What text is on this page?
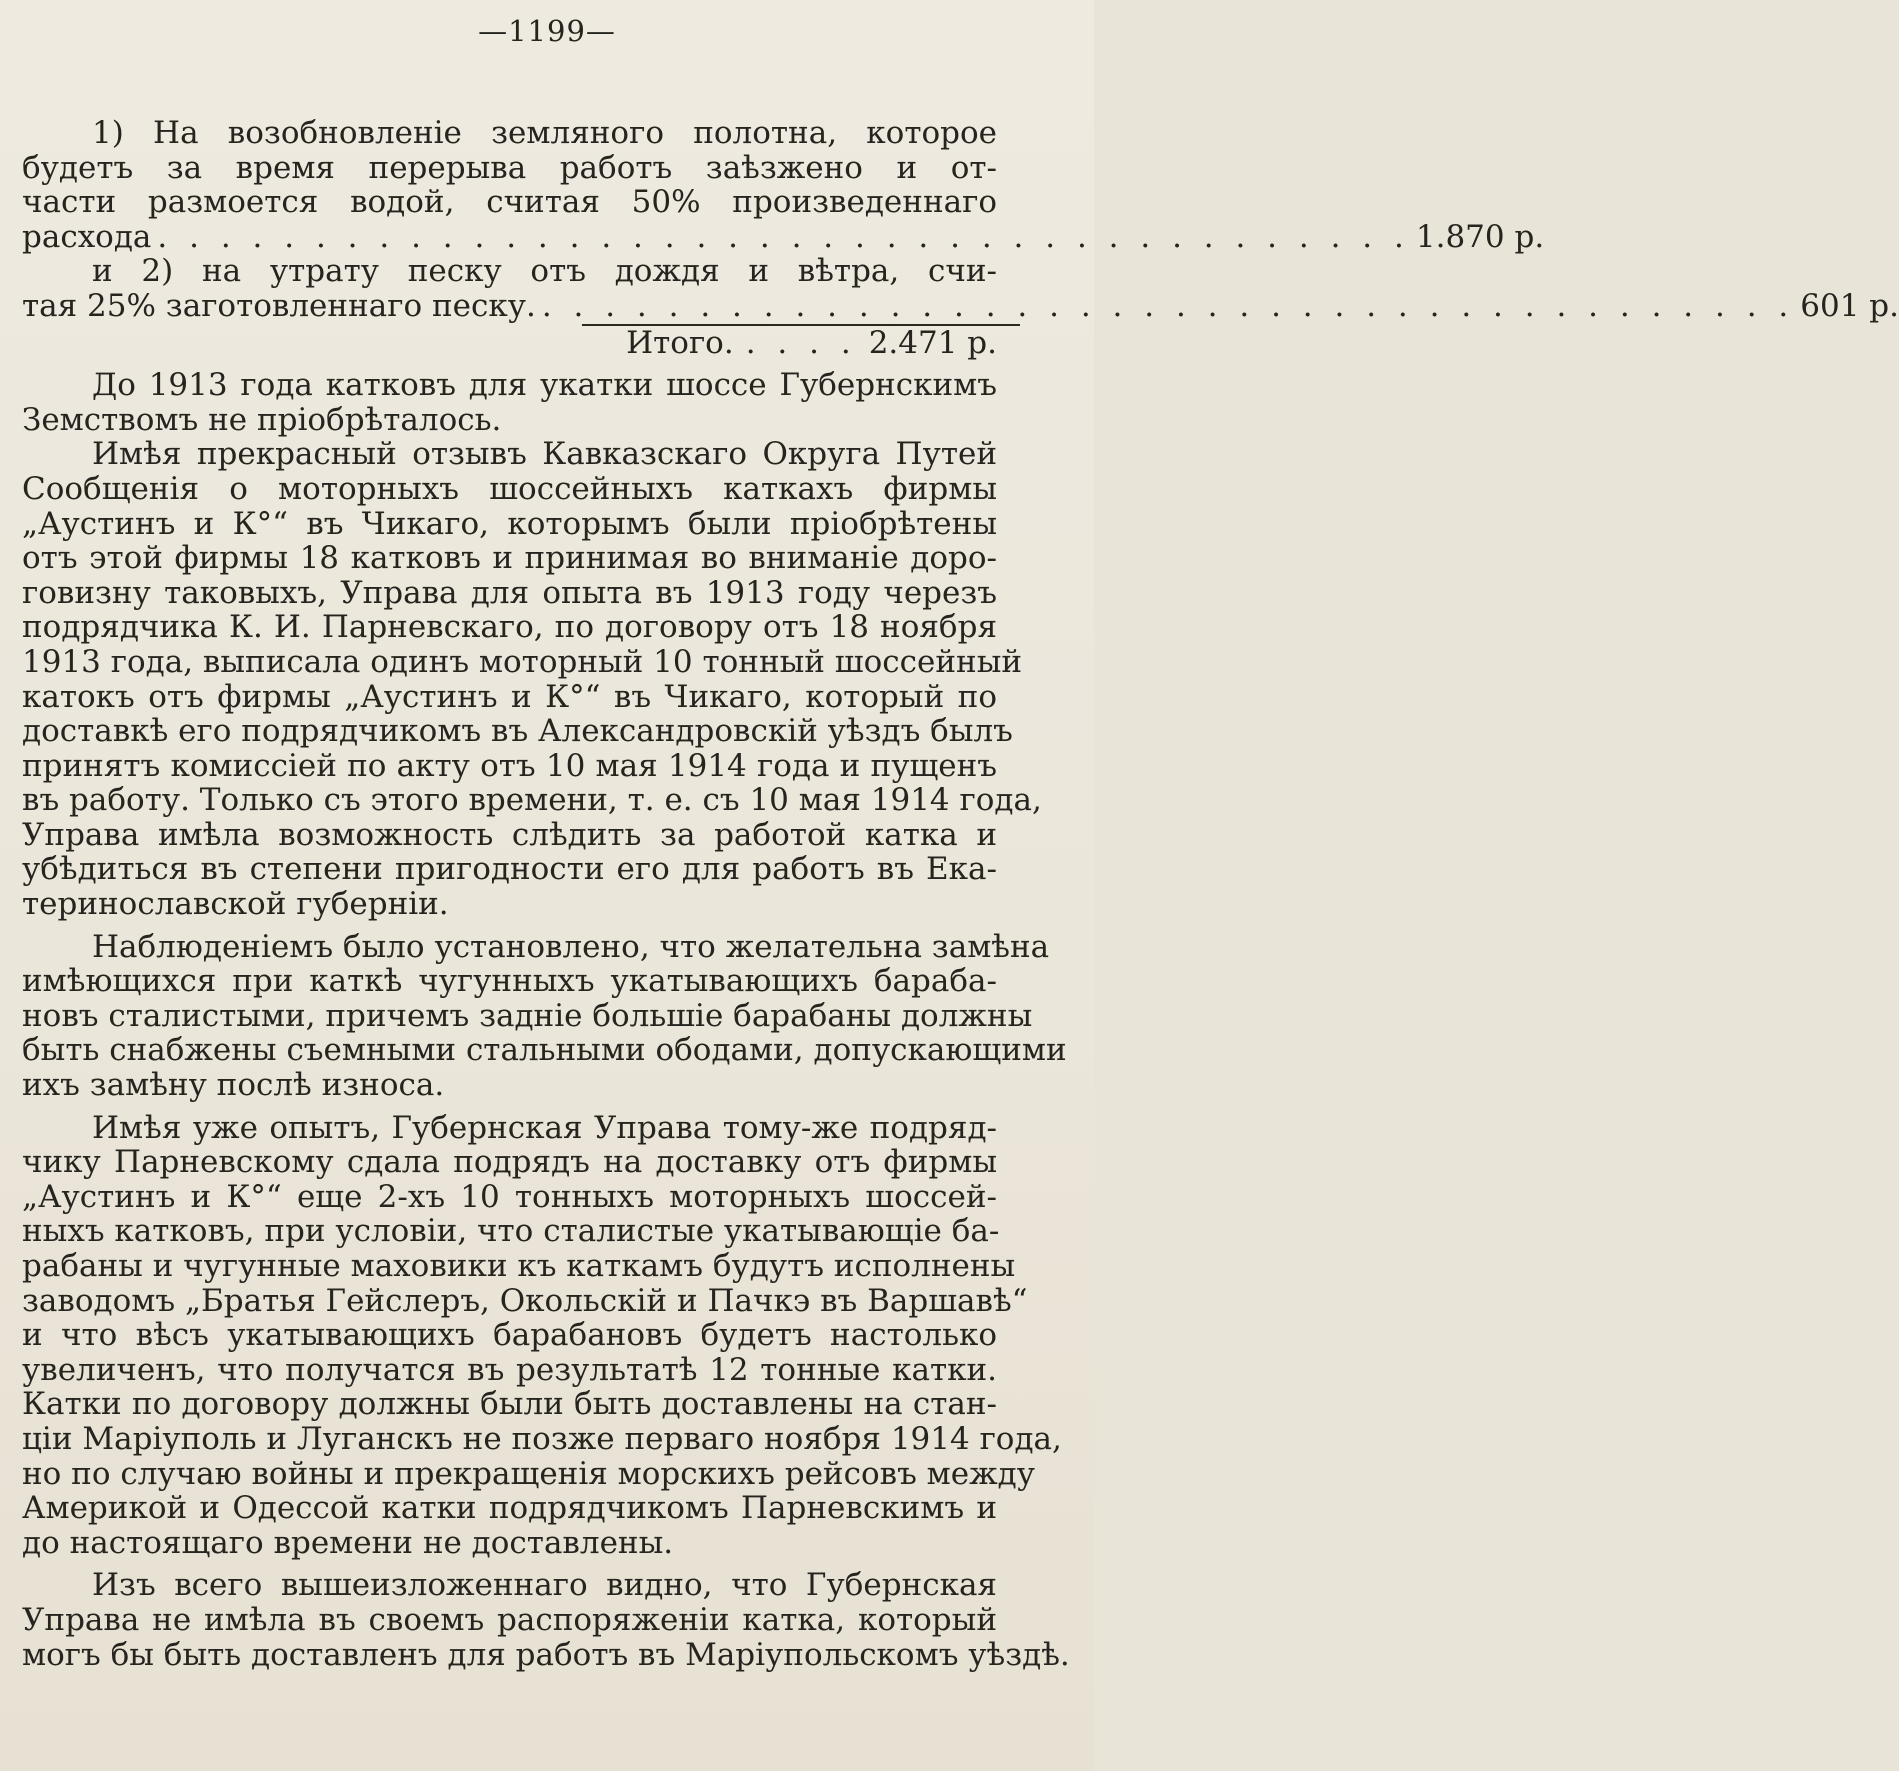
—1199—
1) На возобновленіе земляного полотна, которое
будетъ за время перерыва работъ заѣзжено и от-
части размоется водой, считая 50% произведеннаго
расхода . . . . . . . . . . . . . . . . . . . . . . . . . . . . . . . . . . . . . . . . 1.870 р.
и 2) на утрату песку отъ дождя и вѣтра, счи-
тая 25% заготовленнаго песку. . . . . . . . . . . . . . . . . . . . . . . . . . . . . . . . . . . . . . . . . 601 р.
Итого. . . . . 2.471 р.
До 1913 года катковъ для укатки шоссе Губернскимъ
Земствомъ не пріобрѣталось.
Имѣя прекрасный отзывъ Кавказскаго Округа Путей
Сообщенія о моторныхъ шоссейныхъ каткахъ фирмы
„Аустинъ и К°“ въ Чикаго, которымъ были пріобрѣтены
отъ этой фирмы 18 катковъ и принимая во вниманіе доро-
говизну таковыхъ, Управа для опыта въ 1913 году черезъ
подрядчика К. И. Парневскаго, по договору отъ 18 ноября
1913 года, выписала одинъ моторный 10 тонный шоссейный
катокъ отъ фирмы „Аустинъ и К°“ въ Чикаго, который по
доставкѣ его подрядчикомъ въ Александровскій уѣздъ былъ
принятъ комиссіей по акту отъ 10 мая 1914 года и пущенъ
въ работу. Только съ этого времени, т. е. съ 10 мая 1914 года,
Управа имѣла возможность слѣдить за работой катка и
убѣдиться въ степени пригодности его для работъ въ Ека-
теринославской губерніи.
Наблюденіемъ было установлено, что желательна замѣна
имѣющихся при каткѣ чугунныхъ укатывающихъ бараба-
новъ сталистыми, причемъ задніе большіе барабаны должны
быть снабжены съемными стальными ободами, допускающими
ихъ замѣну послѣ износа.
Имѣя уже опытъ, Губернская Управа тому-же подряд-
чику Парневскому сдала подрядъ на доставку отъ фирмы
„Аустинъ и К°“ еще 2-хъ 10 тонныхъ моторныхъ шоссей-
ныхъ катковъ, при условіи, что сталистые укатывающіе ба-
рабаны и чугунные маховики къ каткамъ будутъ исполнены
заводомъ „Братья Гейслеръ, Окольскій и Пачкэ въ Варшавѣ“
и что вѣсъ укатывающихъ барабановъ будетъ настолько
увеличенъ, что получатся въ результатѣ 12 тонные катки.
Катки по договору должны были быть доставлены на стан-
ціи Маріуполь и Луганскъ не позже перваго ноября 1914 года,
но по случаю войны и прекращенія морскихъ рейсовъ между
Америкой и Одессой катки подрядчикомъ Парневскимъ и
до настоящаго времени не доставлены.
Изъ всего вышеизложеннаго видно, что Губернская
Управа не имѣла въ своемъ распоряженіи катка, который
могъ бы быть доставленъ для работъ въ Маріупольскомъ уѣздѣ.
